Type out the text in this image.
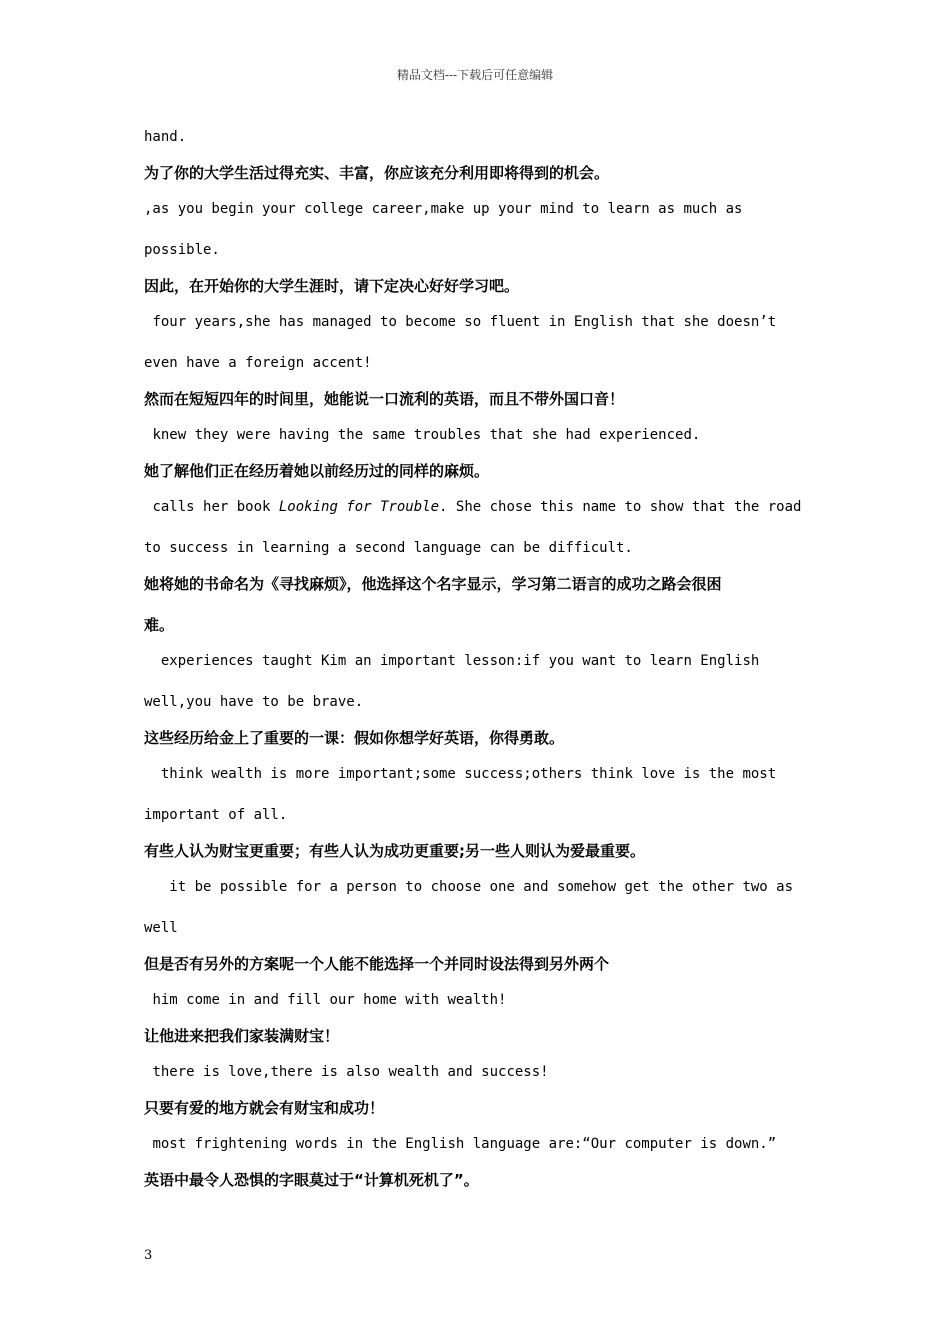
精品文档---下载后可任意编辑

hand.

为了你的大学生活过得充实、丰富，你应该充分利用即将得到的机会。

,as you begin your college career,make up your mind to learn as much as

possible.

因此，在开始你的大学生涯时，请下定决心好好学习吧。

four years,she has managed to become so fluent in English that she doesn’t

even have a foreign accent!

然而在短短四年的时间里，她能说一口流利的英语，而且不带外国口音！

knew they were having the same troubles that she had experienced.

她了解他们正在经历着她以前经历过的同样的麻烦。

calls her book Looking for Trouble. She chose this name to show that the road

to success in learning a second language can be difficult.

她将她的书命名为《寻找麻烦》，他选择这个名字显示，学习第二语言的成功之路会很困

难。

experiences taught Kim an important lesson:if you want to learn English

well,you have to be brave.

这些经历给金上了重要的一课：假如你想学好英语，你得勇敢。

think wealth is more important;some success;others think love is the most

important of all.

有些人认为财宝更重要；有些人认为成功更重要;另一些人则认为爱最重要。

it be possible for a person to choose one and somehow get the other two as

well

但是否有另外的方案呢一个人能不能选择一个并同时设法得到另外两个

him come in and fill our home with wealth!

让他进来把我们家装满财宝！

there is love,there is also wealth and success!

只要有爱的地方就会有财宝和成功！

most frightening words in the English language are:“Our computer is down.”

英语中最令人恐惧的字眼莫过于“计算机死机了”。

3
